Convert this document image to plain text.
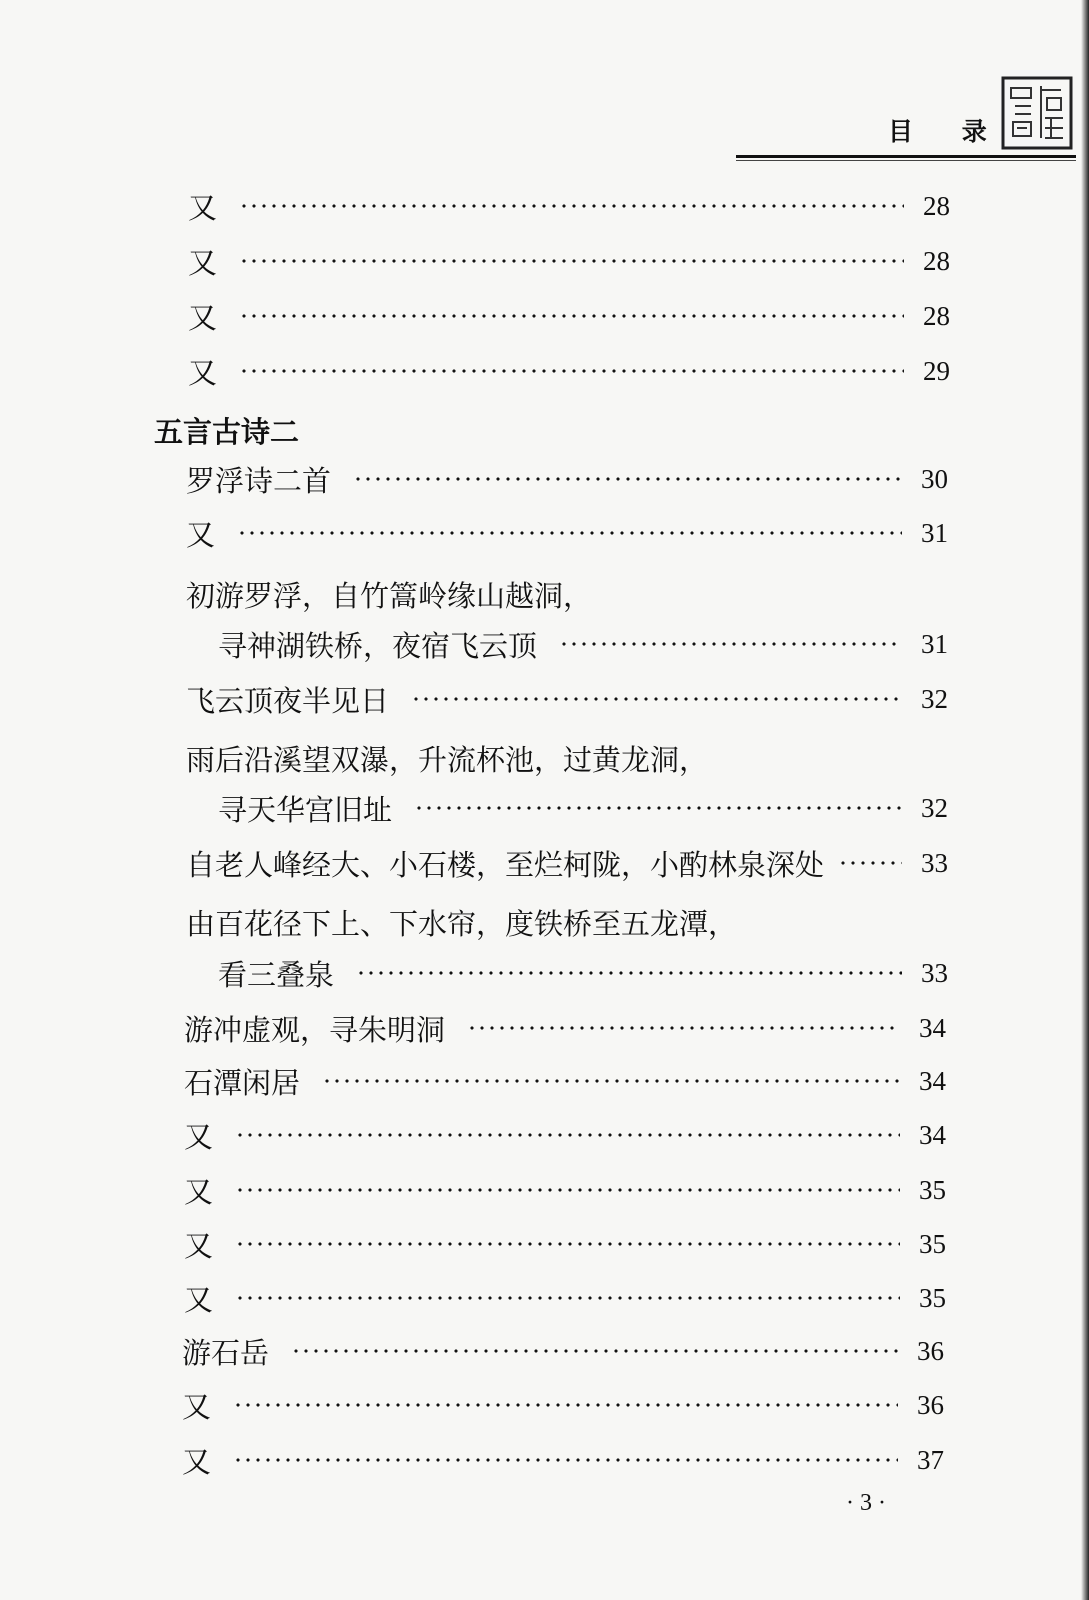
目 录
又	28
又	28
又	28
又	29
五言古诗二
罗浮诗二首	30
又	31
初游罗浮，自竹篙岭缘山越洞，
寻神湖铁桥，夜宿飞云顶	31
飞云顶夜半见日	32
雨后沿溪望双瀑，升流杯池，过黄龙洞，
寻天华宫旧址	32
自老人峰经大、小石楼，至烂柯陇，小酌林泉深处	33
由百花径下上、下水帘，度铁桥至五龙潭，
看三叠泉	33
游冲虚观，寻朱明洞	34
石潭闲居	34
又	34
又	35
又	35
又	35
游石岳	36
又	36
又	37
· 3 ·
